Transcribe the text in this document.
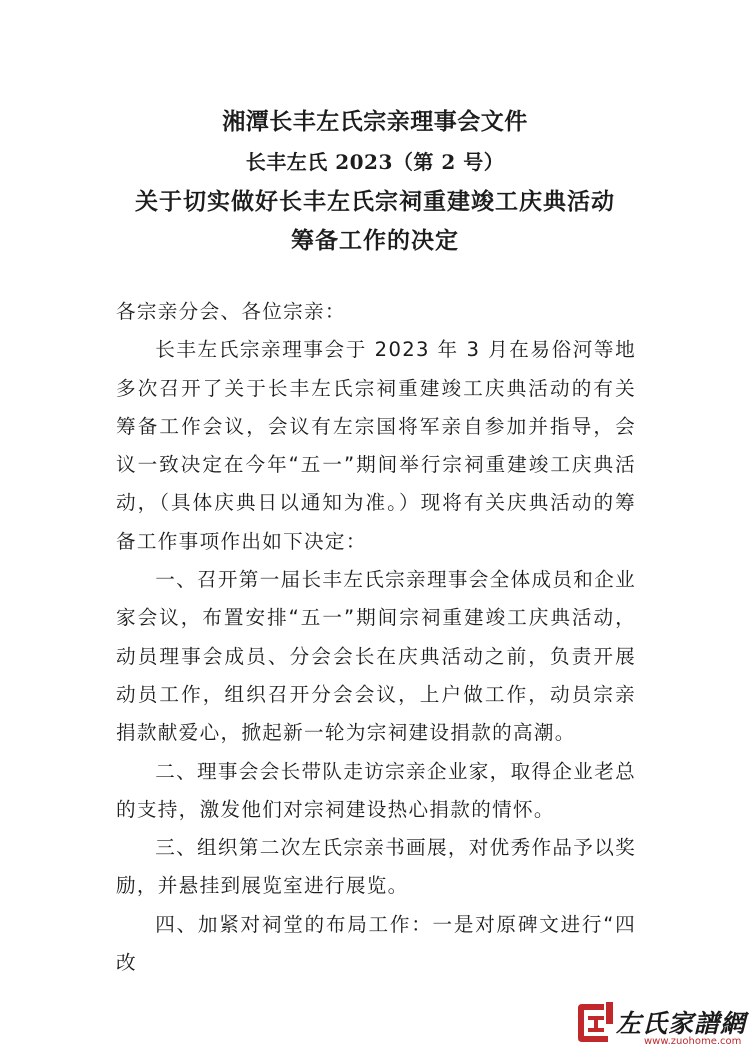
湘潭长丰左氏宗亲理事会文件
长丰左氏 2023（第 2 号）
关于切实做好长丰左氏宗祠重建竣工庆典活动
筹备工作的决定

各宗亲分会、各位宗亲：

长丰左氏宗亲理事会于 2023 年 3 月在易俗河等地多次召开了关于长丰左氏宗祠重建竣工庆典活动的有关筹备工作会议，会议有左宗国将军亲自参加并指导，会议一致决定在今年“五一”期间举行宗祠重建竣工庆典活动，（具体庆典日以通知为准。）现将有关庆典活动的筹备工作事项作出如下决定：

一、召开第一届长丰左氏宗亲理事会全体成员和企业家会议，布置安排“五一”期间宗祠重建竣工庆典活动，动员理事会成员、分会会长在庆典活动之前，负责开展动员工作，组织召开分会会议，上户做工作，动员宗亲捐款献爱心，掀起新一轮为宗祠建设捐款的高潮。

二、理事会会长带队走访宗亲企业家，取得企业老总的支持，激发他们对宗祠建设热心捐款的情怀。

三、组织第二次左氏宗亲书画展，对优秀作品予以奖励，并悬挂到展览室进行展览。

四、加紧对祠堂的布局工作：一是对原碑文进行“四改

左氏家譜網
www.zuohome.com
